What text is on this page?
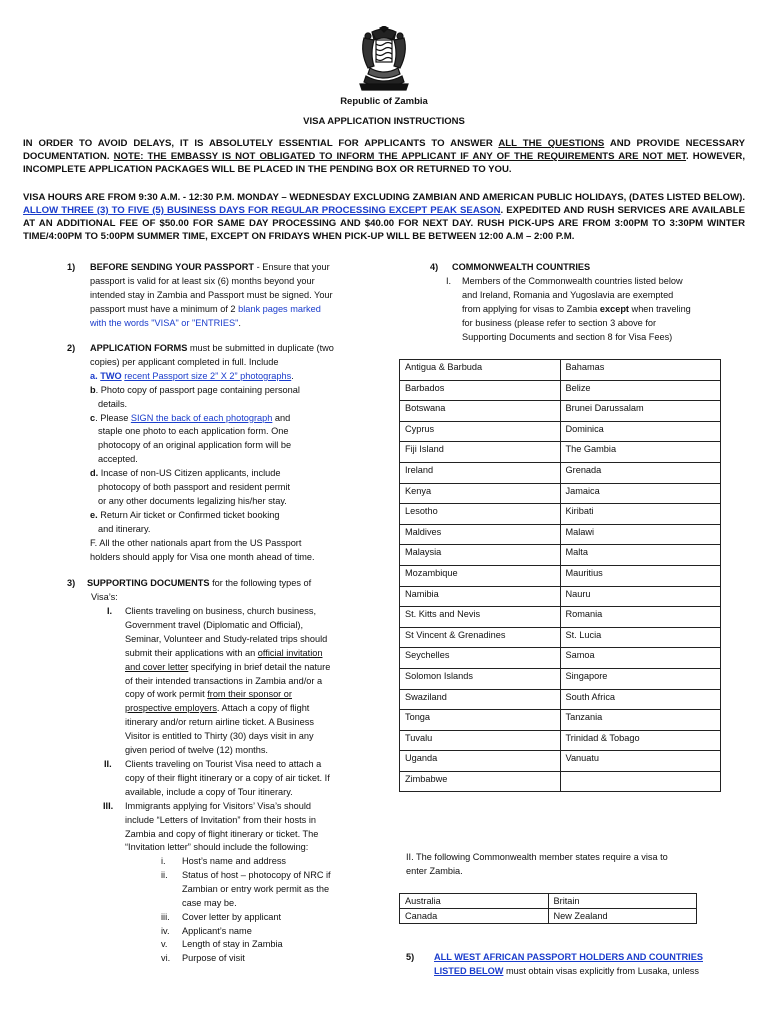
Republic of Zambia
VISA APPLICATION INSTRUCTIONS

IN ORDER TO AVOID DELAYS, IT IS ABSOLUTELY ESSENTIAL FOR APPLICANTS TO ANSWER ALL THE QUESTIONS AND PROVIDE NECESSARY DOCUMENTATION. NOTE: THE EMBASSY IS NOT OBLIGATED TO INFORM THE APPLICANT IF ANY OF THE REQUIREMENTS ARE NOT MET. HOWEVER, INCOMPLETE APPLICATION PACKAGES WILL BE PLACED IN THE PENDING BOX OR RETURNED TO YOU.

VISA HOURS ARE FROM 9:30 A.M. - 12:30 P.M. MONDAY – WEDNESDAY EXCLUDING ZAMBIAN AND AMERICAN PUBLIC HOLIDAYS, (DATES LISTED BELOW). ALLOW THREE (3) TO FIVE (5) BUSINESS DAYS FOR REGULAR PROCESSING EXCEPT PEAK SEASON. EXPEDITED AND RUSH SERVICES ARE AVAILABLE AT AN ADDITIONAL FEE OF $50.00 FOR SAME DAY PROCESSING AND $40.00 FOR NEXT DAY. RUSH PICK-UPS ARE FROM 3:00PM TO 3:30PM WINTER TIME/4:00PM TO 5:00PM SUMMER TIME, EXCEPT ON FRIDAYS WHEN PICK-UP WILL BE BETWEEN 12:00 A.M – 2:00 P.M.

1) BEFORE SENDING YOUR PASSPORT - Ensure that your
passport is valid for at least six (6) months beyond your
intended stay in Zambia and Passport must be signed. Your
passport must have a minimum of 2 blank pages marked
with the words "VISA" or "ENTRIES".
2) APPLICATION FORMS must be submitted in duplicate (two
copies) per applicant completed in full. Include
a. TWO recent Passport size 2” X 2” photographs.
b. Photo copy of passport page containing personal
details.
c. Please SIGN the back of each photograph and
staple one photo to each application form. One
photocopy of an original application form will be
accepted.
d. Incase of non-US Citizen applicants, include
photocopy of both passport and resident permit
or any other documents legalizing his/her stay.
e. Return Air ticket or Confirmed ticket booking
and itinerary.
F. All the other nationals apart from the US Passport
holders should apply for Visa one month ahead of time.
3) SUPPORTING DOCUMENTS for the following types of
Visa’s:
I. Clients traveling on business, church business,
Government travel (Diplomatic and Official),
Seminar, Volunteer and Study-related trips should
submit their applications with an official invitation
and cover letter specifying in brief detail the nature
of their intended transactions in Zambia and/or a
copy of work permit from their sponsor or
prospective employers. Attach a copy of flight
itinerary and/or return airline ticket. A Business
Visitor is entitled to Thirty (30) days visit in any
given period of twelve (12) months.
II. Clients traveling on Tourist Visa need to attach a
copy of their flight itinerary or a copy of air ticket. If
available, include a copy of Tour itinerary.
III. Immigrants applying for Visitors’ Visa’s should
include “Letters of Invitation” from their hosts in
Zambia and copy of flight itinerary or ticket. The
“Invitation letter” should include the following:
i. Host’s name and address
ii. Status of host – photocopy of NRC if
Zambian or entry work permit as the
case may be.
iii. Cover letter by applicant
iv. Applicant’s name
v. Length of stay in Zambia
vi. Purpose of visit
4) COMMONWEALTH COUNTRIES
I. Members of the Commonwealth countries listed below
and Ireland, Romania and Yugoslavia are exempted
from applying for visas to Zambia except when traveling
for business (please refer to section 3 above for
Supporting Documents and section 8 for Visa Fees)
Antigua & Barbuda	Bahamas
Barbados	Belize
Botswana	Brunei Darussalam
Cyprus	Dominica
Fiji Island	The Gambia
Ireland	Grenada
Kenya	Jamaica
Lesotho	Kiribati
Maldives	Malawi
Malaysia	Malta
Mozambique	Mauritius
Namibia	Nauru
St. Kitts and Nevis	Romania
St Vincent & Grenadines	St. Lucia
Seychelles	Samoa
Solomon Islands	Singapore
Swaziland	South Africa
Tonga	Tanzania
Tuvalu	Trinidad & Tobago
Uganda	Vanuatu
Zimbabwe	
II. The following Commonwealth member states require a visa to
enter Zambia.
Australia	Britain
Canada	New Zealand
5) ALL WEST AFRICAN PASSPORT HOLDERS AND COUNTRIES
LISTED BELOW must obtain visas explicitly from Lusaka, unless
